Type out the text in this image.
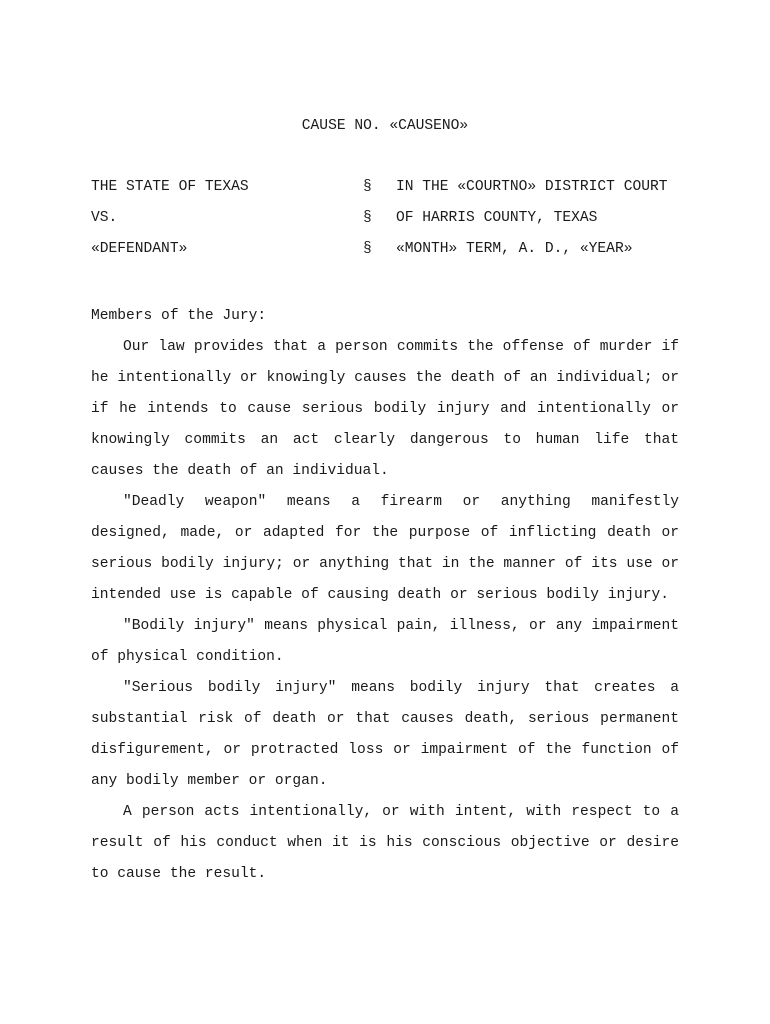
CAUSE NO. «CAUSENO»
THE STATE OF TEXAS	§ IN THE «COURTNO» DISTRICT COURT
VS.	§ OF HARRIS COUNTY, TEXAS
«DEFENDANT»	§ «MONTH» TERM, A. D., «YEAR»

Members of the Jury:

Our law provides that a person commits the offense of murder if he intentionally or knowingly causes the death of an individual; or if he intends to cause serious bodily injury and intentionally or knowingly commits an act clearly dangerous to human life that causes the death of an individual.

"Deadly weapon" means a firearm or anything manifestly designed, made, or adapted for the purpose of inflicting death or serious bodily injury; or anything that in the manner of its use or intended use is capable of causing death or serious bodily injury.

"Bodily injury" means physical pain, illness, or any impairment of physical condition.

"Serious bodily injury" means bodily injury that creates a substantial risk of death or that causes death, serious permanent disfigurement, or protracted loss or impairment of the function of any bodily member or organ.

A person acts intentionally, or with intent, with respect to a result of his conduct when it is his conscious objective or desire to cause the result.
